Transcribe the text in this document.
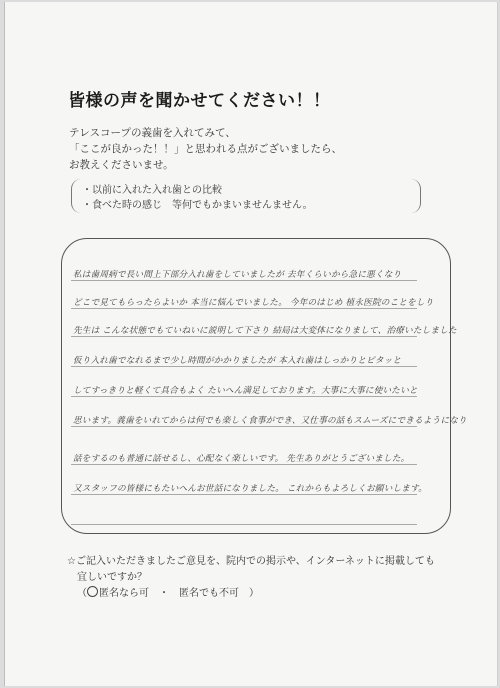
皆様の声を聞かせてください！！
テレスコープの義歯を入れてみて、
「ここが良かった！！」と思われる点がございましたら、
お教えくださいませ。
・以前に入れた入れ歯との比較
・食べた時の感じ　等何でもかまいませんません。
私は歯周病で長い間上下部分入れ歯をしていましたが 去年くらいから急に悪くなり
どこで見てもらったらよいか 本当に悩んでいました。 今年のはじめ 植永医院のことをしり
先生は こんな状態でもていねいに説明して下さり 結局は大変体になりまして、治療いたしました
仮り入れ歯でなれるまで少し時間がかかりましたが 本入れ歯はしっかりとピタッと
してすっきりと軽くて具合もよく たいへん満足しております。大事に大事に使いたいと
思います。義歯をいれてからは何でも楽しく食事ができ、又仕事の話もスムーズにできるようになり
話をするのも普通に話せるし、心配なく楽しいです。 先生ありがとうございました。
又スタッフの皆様にもたいへんお世話になりました。 これからもよろしくお願いします。
☆ご記入いただきましたご意見を、院内での掲示や、インターネットに掲載しても
宜しいですか？
（ 匿名なら可　・　匿名でも不可　）
